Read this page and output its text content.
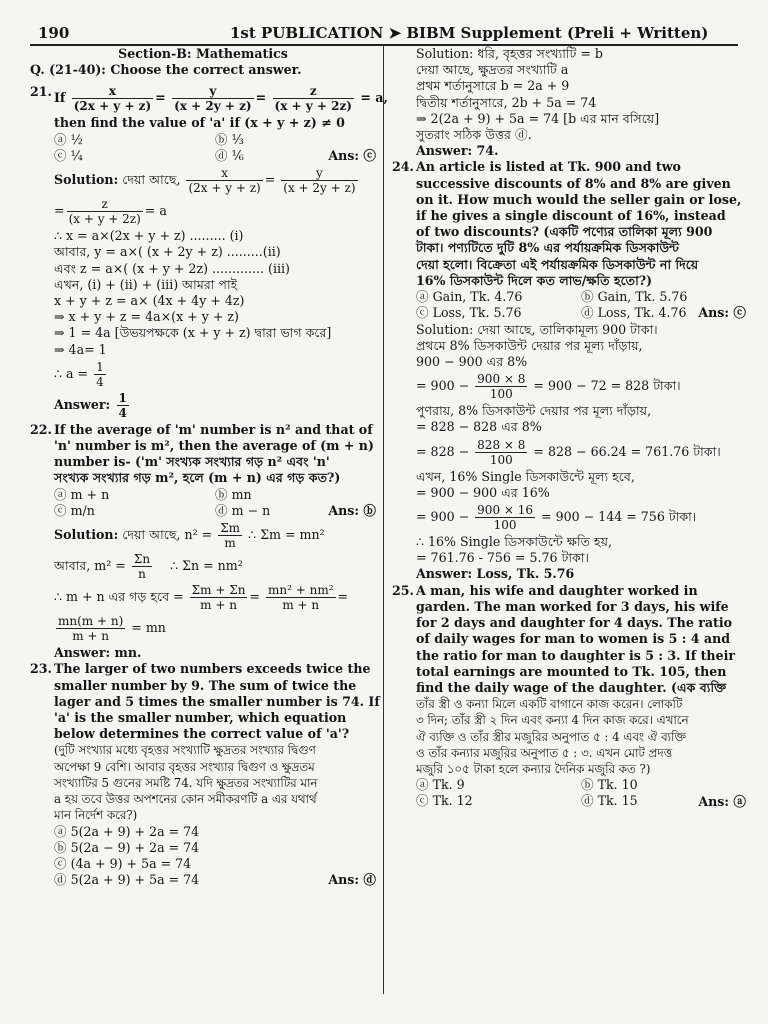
190	1st PUBLICATION ➤ BIBM Supplement (Preli + Written)
Section-B: Mathematics
Q. (21-40): Choose the correct answer.
21. If $\frac{x}{(2x + y + z)} = \frac{y}{(x + 2y + z)} = \frac{z}{(x + y + 2z)} = a$,
then find the value of 'a' if (x + y + z) ≠ 0
ⓐ ½	ⓑ ⅓
ⓒ ¼	ⓓ ⅙	Ans: ⓒ
Solution: দেয়া আছে, $\frac{x}{(2x + y + z)} = \frac{y}{(x + 2y + z)}$
= $\frac{z}{(x + y + 2z)} = a$
∴ x = a×(2x + y + z) ......... (i)
আবার, y = a×( (x + 2y + z) .........(ii)
এবং z = a×( (x + y + 2z) ............. (iii)
এখন, (i) + (ii) + (iii) আমরা পাই
x + y + z = a× (4x + 4y + 4z)
⇒ x + y + z = 4a×(x + y + z)
⇒ 1 = 4a [উভয়পক্ষকে (x + y + z) দ্বারা ভাগ করে]
⇒ 4a= 1
∴ $a = \frac{1}{4}$
Answer: $\frac{1}{4}$
22. If the average of 'm' number is n² and that of
'n' number is m², then the average of (m + n)
number is- ('m' সংখ্যক সংখ্যার গড় n² এবং 'n'
সংখ্যক সংখ্যার গড় m², হলে (m + n) এর গড় কত?)
ⓐ m + n	ⓑ mn
ⓒ m/n	ⓓ m − n	Ans: ⓑ
Solution: দেয়া আছে, $n^2 = \frac{\Sigma m}{m}$ ∴ Σm = mn²
আবার, $m^2 = \frac{\Sigma n}{n}$ ∴ Σn = nm²
∴ m + n এর গড় হবে = $\frac{\Sigma m + \Sigma n}{m + n} = \frac{\text{mn² + nm²}}{m + n}$ =
$\frac{mn(m + n)}{m + n}$ = mn
Answer: mn.
23. The larger of two numbers exceeds twice the
smaller number by 9. The sum of twice the
lager and 5 times the smaller number is 74. If
'a' is the smaller number, which equation
below determines the correct value of 'a'?
(দুটি সংখ্যার মধ্যে বৃহত্তর সংখ্যাটি ক্ষুদ্রতর সংখ্যার দ্বিগুণ
অপেক্ষা 9 বেশি। আবার বৃহত্তর সংখ্যার দ্বিগুণ ও ক্ষুদ্রতম
সংখ্যাটির 5 গুনের সমষ্টি 74. যদি ক্ষুদ্রতর সংখ্যাটির মান
a হয় তবে উত্তর অপশনের কোন সমীকরণটি a এর যথার্থ
মান নির্দেশ করে?)
ⓐ 5(2a + 9) + 2a = 74
ⓑ 5(2a − 9) + 2a = 74
ⓒ (4a + 9) + 5a = 74
ⓓ 5(2a + 9) + 5a = 74	Ans: ⓓ
Solution: ধরি, বৃহত্তর সংখ্যাটি = b
দেয়া আছে, ক্ষুদ্রতর সংখ্যাটি a
প্রথম শর্তানুসারে b = 2a + 9
দ্বিতীয় শর্তানুসারে, 2b + 5a = 74
⇒ 2(2a + 9) + 5a = 74 [b এর মান বসিয়ে]
সুতরাং সঠিক উত্তর ⓓ.
Answer: 74.
24. An article is listed at Tk. 900 and two
successive discounts of 8% and 8% are given
on it. How much would the seller gain or lose,
if he gives a single discount of 16%, instead
of two discounts? (একটি পণ্যের তালিকা মূল্য 900
টাকা। পণ্যটিতে দুটি 8% এর পর্যায়ক্রমিক ডিসকাউন্ট
দেয়া হলো। বিক্রেতা এই পর্যায়ক্রমিক ডিসকাউন্ট না দিয়ে
16% ডিসকাউন্ট দিলে কত লাভ/ক্ষতি হতো?)
ⓐ Gain, Tk. 4.76	ⓑ Gain, Tk. 5.76
ⓒ Loss, Tk. 5.76	ⓓ Loss, Tk. 4.76 Ans: ⓒ
Solution: দেয়া আছে, তালিকামূল্য 900 টাকা।
প্রথমে 8% ডিসকাউন্ট দেয়ার পর মূল্য দাঁড়ায়,
900 − 900 এর 8%
= $900 - \frac{900 \times 8}{100} = 900 - 72 = 828$ টাকা।
পুণরায়, 8% ডিসকাউন্ট দেয়ার পর মূল্য দাঁড়ায়,
= 828 − 828 এর 8%
= $828 - \frac{828 \times 8}{100} = 828 - 66.24 = 761.76$ টাকা।
এখন, 16% Single ডিসকাউন্টে মূল্য হবে,
= 900 − 900 এর 16%
= $900 - \frac{900 \times 16}{100} = 900 - 144 = 756$ টাকা।
∴ 16% Single ডিসকাউন্টে ক্ষতি হয়,
= 761.76 - 756 = 5.76 টাকা।
Answer: Loss, Tk. 5.76
25. A man, his wife and daughter worked in
garden. The man worked for 3 days, his wife
for 2 days and daughter for 4 days. The ratio
of daily wages for man to women is 5 : 4 and
the ratio for man to daughter is 5 : 3. If their
total earnings are mounted to Tk. 105, then
find the daily wage of the daughter. (এক ব্যক্তি
তাঁর স্ত্রী ও কন্যা মিলে একটি বাগানে কাজ করেন। লোকটি
৩ দিন; তাঁর স্ত্রী ২ দিন এবং কন্যা 4 দিন কাজ করে। এখানে
ঐ ব্যক্তি ও তাঁর স্ত্রীর মজুরির অনুপাত ৫ : 4 এবং ঐ ব্যক্তি
ও তাঁর কন্যার মজুরির অনুপাত ৫ : ৩. এখন মোট প্রদত্ত
মজুরি ১০৫ টাকা হলে কন্যার দৈনিক মজুরি কত ?)
ⓐ Tk. 9	ⓑ Tk. 10
ⓒ Tk. 12	ⓓ Tk. 15	Ans: ⓐ
